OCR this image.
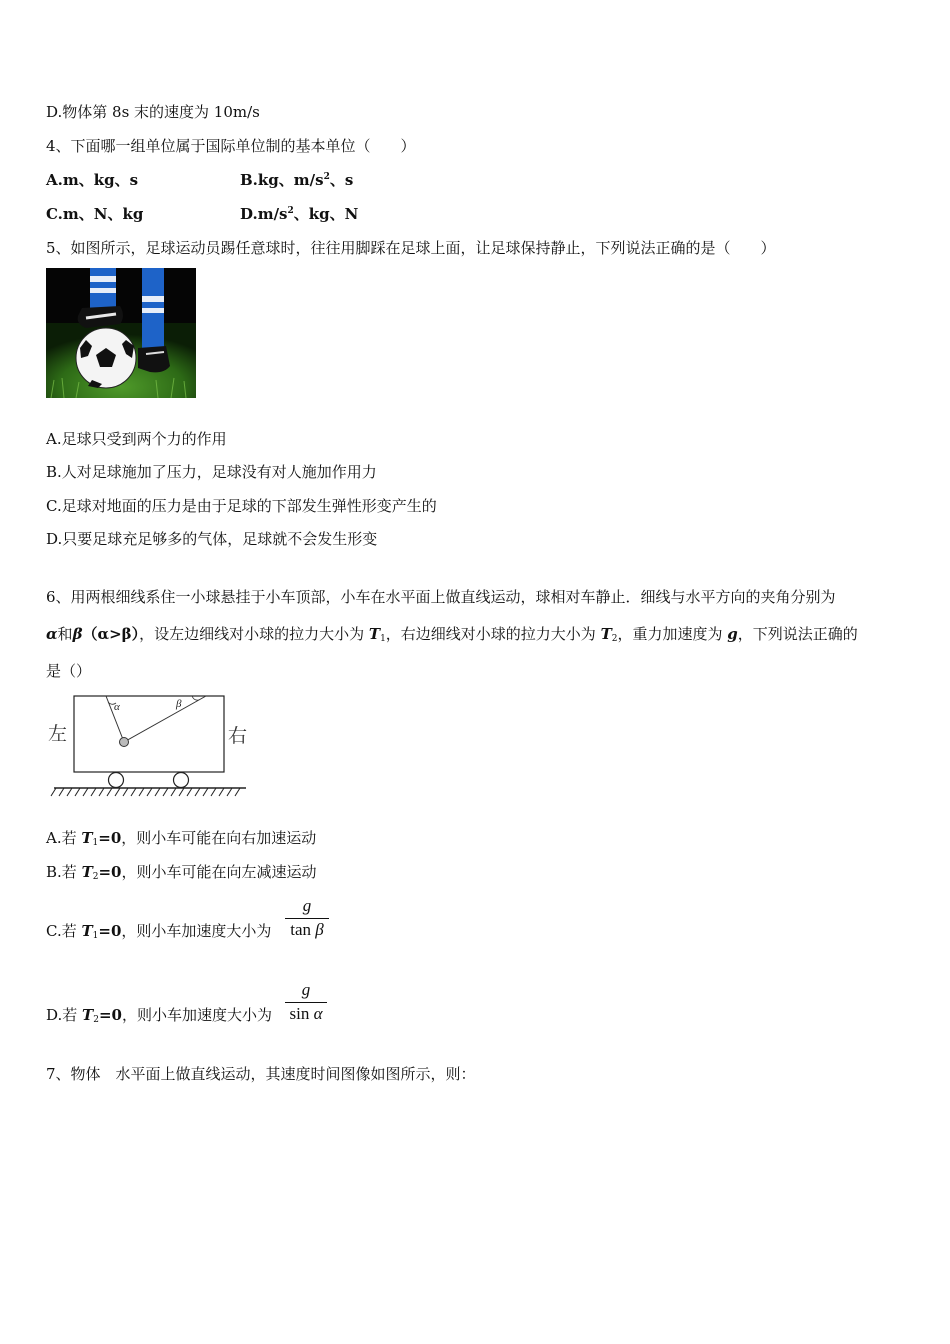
D.物体第 8s 末的速度为 10m/s
4、下面哪一组单位属于国际单位制的基本单位（　　）
A.m、kg、s	B.kg、$m/s^2$、s
C.m、N、kg	$D.m/s^2$、kg、N
5、如图所示，足球运动员踢任意球时，往往用脚踩在足球上面，让足球保持静止，下列说法正确的是（　　）
A.足球只受到两个力的作用
B.人对足球施加了压力，足球没有对人施加作用力
C.足球对地面的压力是由于足球的下部发生弹性形变产生的
D.只要足球充足够多的气体，足球就不会发生形变
6、用两根细线系住一小球悬挂于小车顶部，小车在水平面上做直线运动，球相对车静止．细线与水平方向的夹角分别为
α和β（α>β），设左边细线对小球的拉力大小为 $T_1$，右边细线对小球的拉力大小为 $T_2$，重力加速度为 g，下列说法正确的
是（）
α	β
左	右
A.若 $T_1=0$，则小车可能在向右加速运动
B.若 $T_2=0$，则小车可能在向左减速运动
C.若 $T_1=0$，则小车加速度大小为
g
tan β
D.若 $T_2=0$，则小车加速度大小为
g
sin α
7、物体　水平面上做直线运动，其速度时间图像如图所示，则：
